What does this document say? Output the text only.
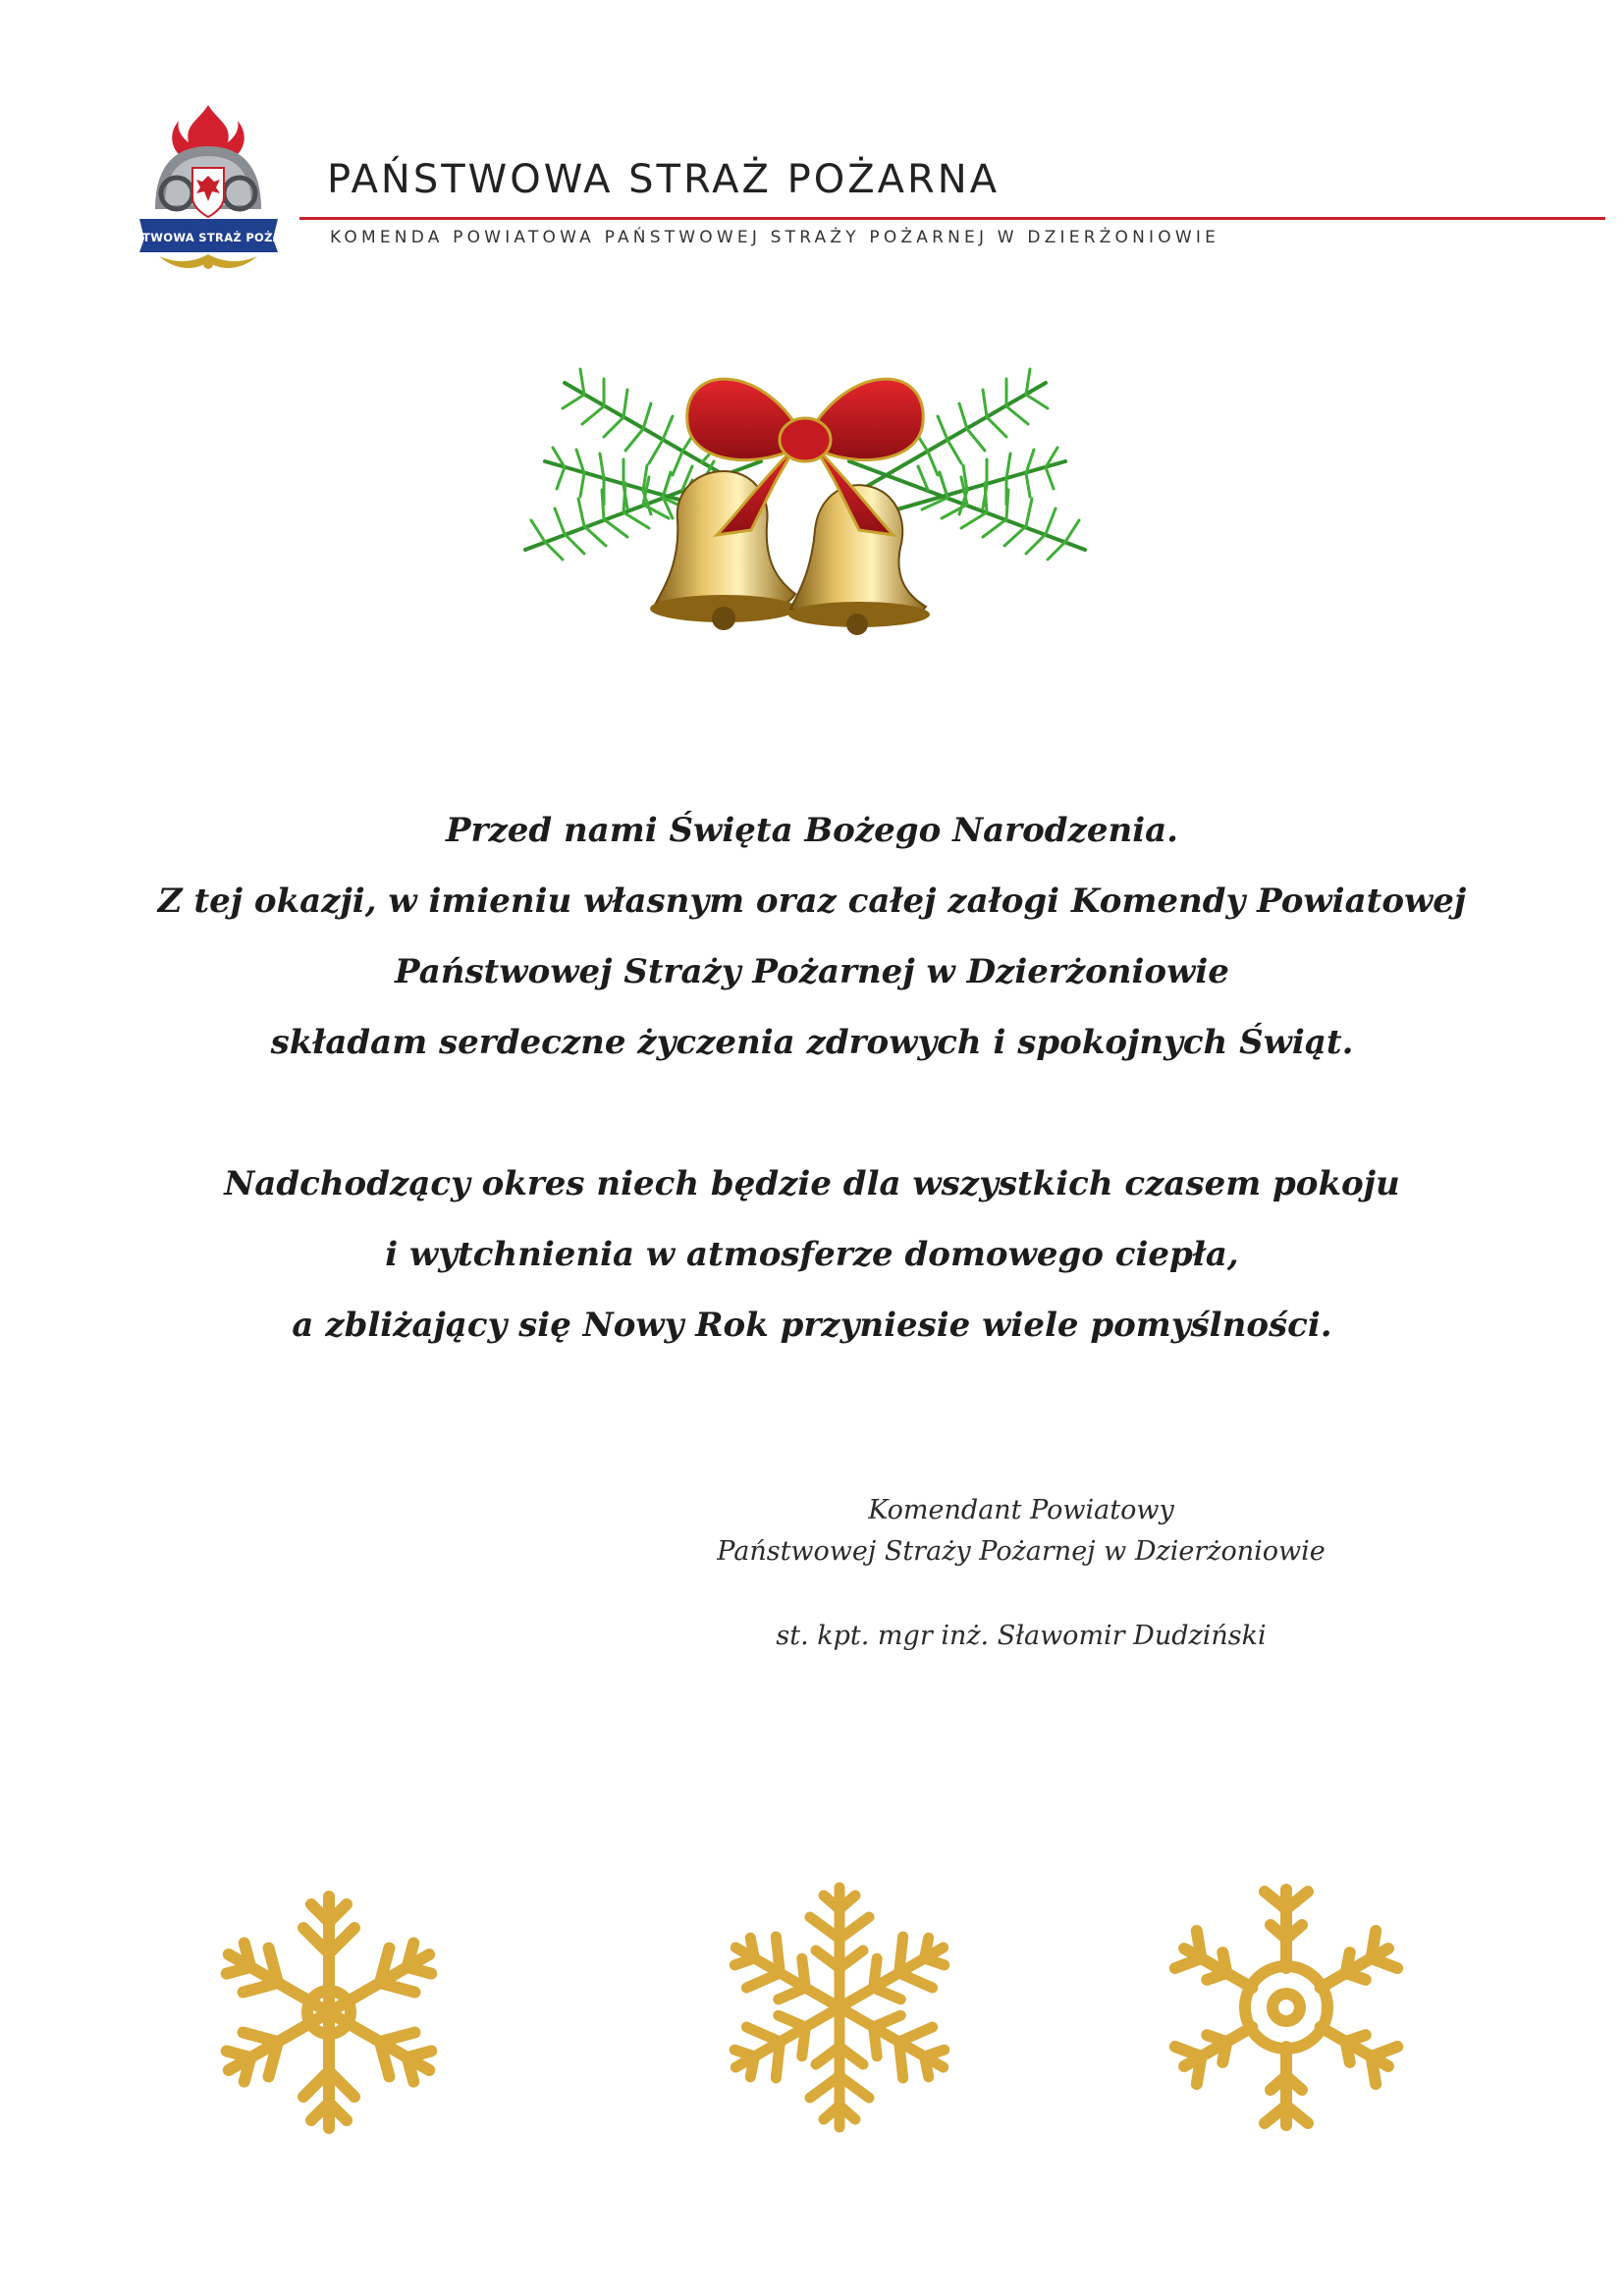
PAŃSTWOWA STRAŻ POŻARNA
PAŃSTWOWA STRAŻ POŻARNA
KOMENDA POWIATOWA PAŃSTWOWEJ STRAŻY POŻARNEJ W DZIERŻONIOWIE
Przed nami Święta Bożego Narodzenia.
Z tej okazji, w imieniu własnym oraz całej załogi Komendy Powiatowej
Państwowej Straży Pożarnej w Dzierżoniowie
składam serdeczne życzenia zdrowych i spokojnych Świąt.
Nadchodzący okres niech będzie dla wszystkich czasem pokoju
i wytchnienia w atmosferze domowego ciepła,
a zbliżający się Nowy Rok przyniesie wiele pomyślności.
Komendant Powiatowy
Państwowej Straży Pożarnej w Dzierżoniowie
st. kpt. mgr inż. Sławomir Dudziński
